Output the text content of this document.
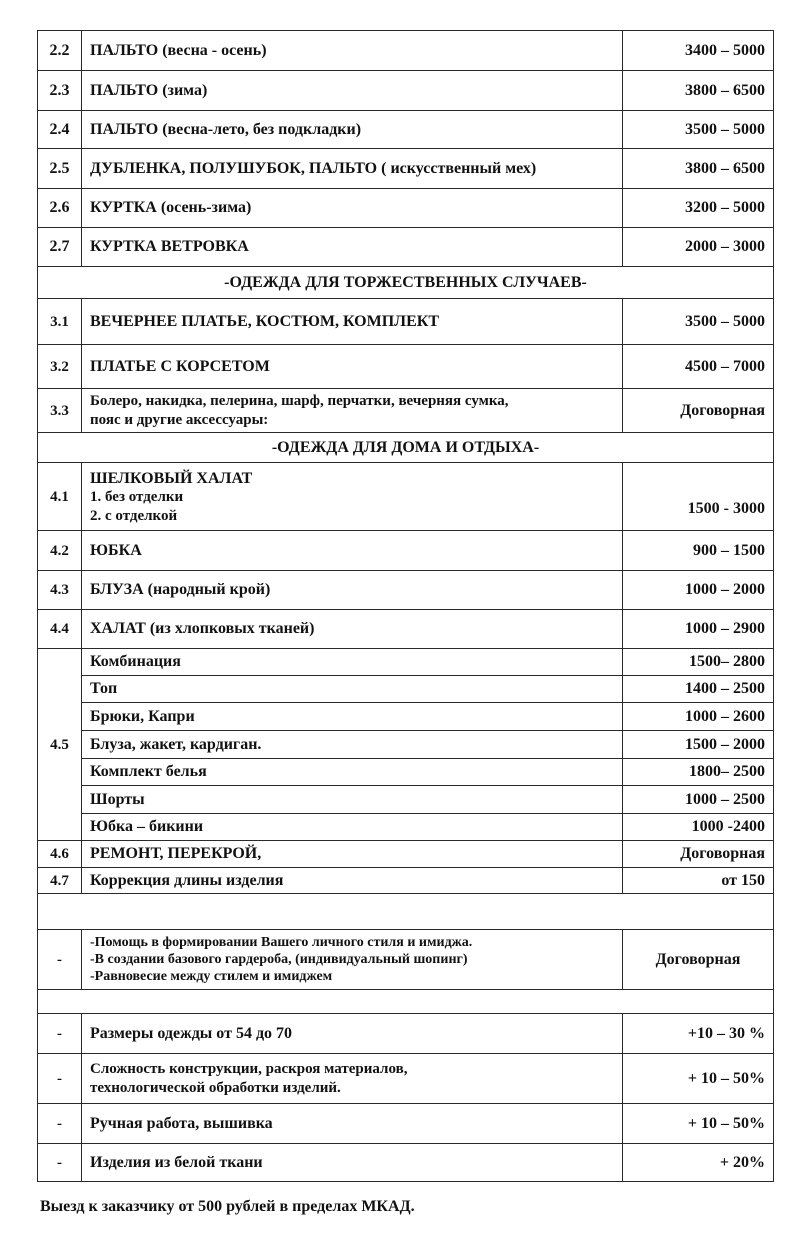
2.2	ПАЛЬТО (весна - осень)	3400 – 5000
2.3	ПАЛЬТО (зима)	3800 – 6500
2.4	ПАЛЬТО (весна-лето, без подкладки)	3500 – 5000
2.5	ДУБЛЕНКА, ПОЛУШУБОК, ПАЛЬТО ( искусственный мех)	3800 – 6500
2.6	КУРТКА (осень-зима)	3200 – 5000
2.7	КУРТКА ВЕТРОВКА	2000 – 3000
-ОДЕЖДА ДЛЯ ТОРЖЕСТВЕННЫХ СЛУЧАЕВ-		
3.1	ВЕЧЕРНЕЕ ПЛАТЬЕ, КОСТЮМ, КОМПЛЕКТ	3500 – 5000
3.2	ПЛАТЬЕ С КОРСЕТОМ	4500 – 7000
3.3	Болеро, накидка, пелерина, шарф, перчатки, вечерняя сумка,
пояс и другие аксессуары:	Договорная
-ОДЕЖДА ДЛЯ ДОМА И ОТДЫХА-		
4.1	ШЕЛКОВЫЙ ХАЛАТ
1. без отделки
2. с отделкой	1500 - 3000
4.2	ЮБКА	900 – 1500
4.3	БЛУЗА (народный крой)	1000 – 2000
4.4	ХАЛАТ (из хлопковых тканей)	1000 – 2900
4.5	Комбинация	1500– 2800
	Топ	1400 – 2500
	Брюки, Капри	1000 – 2600
	Блуза, жакет, кардиган.	1500 – 2000
	Комплект белья	1800– 2500
	Шорты	1000 – 2500
	Юбка – бикини	1000 -2400
4.6	РЕМОНТ, ПЕРЕКРОЙ,	Договорная
4.7	Коррекция длины изделия	от 150

-	-Помощь в формировании Вашего личного стиля и имиджа.
-В создании базового гардероба, (индивидуальный шопинг)
-Равновесие между стилем и имиджем	Договорная

-	Размеры одежды от 54 до 70	+10 – 30 %
-	Сложность конструкции, раскроя материалов,
технологической обработки изделий.	+ 10 – 50%
-	Ручная работа, вышивка	+ 10 – 50%
-	Изделия из белой ткани	+ 20%
Выезд к заказчику от 500 рублей в пределах МКАД.
